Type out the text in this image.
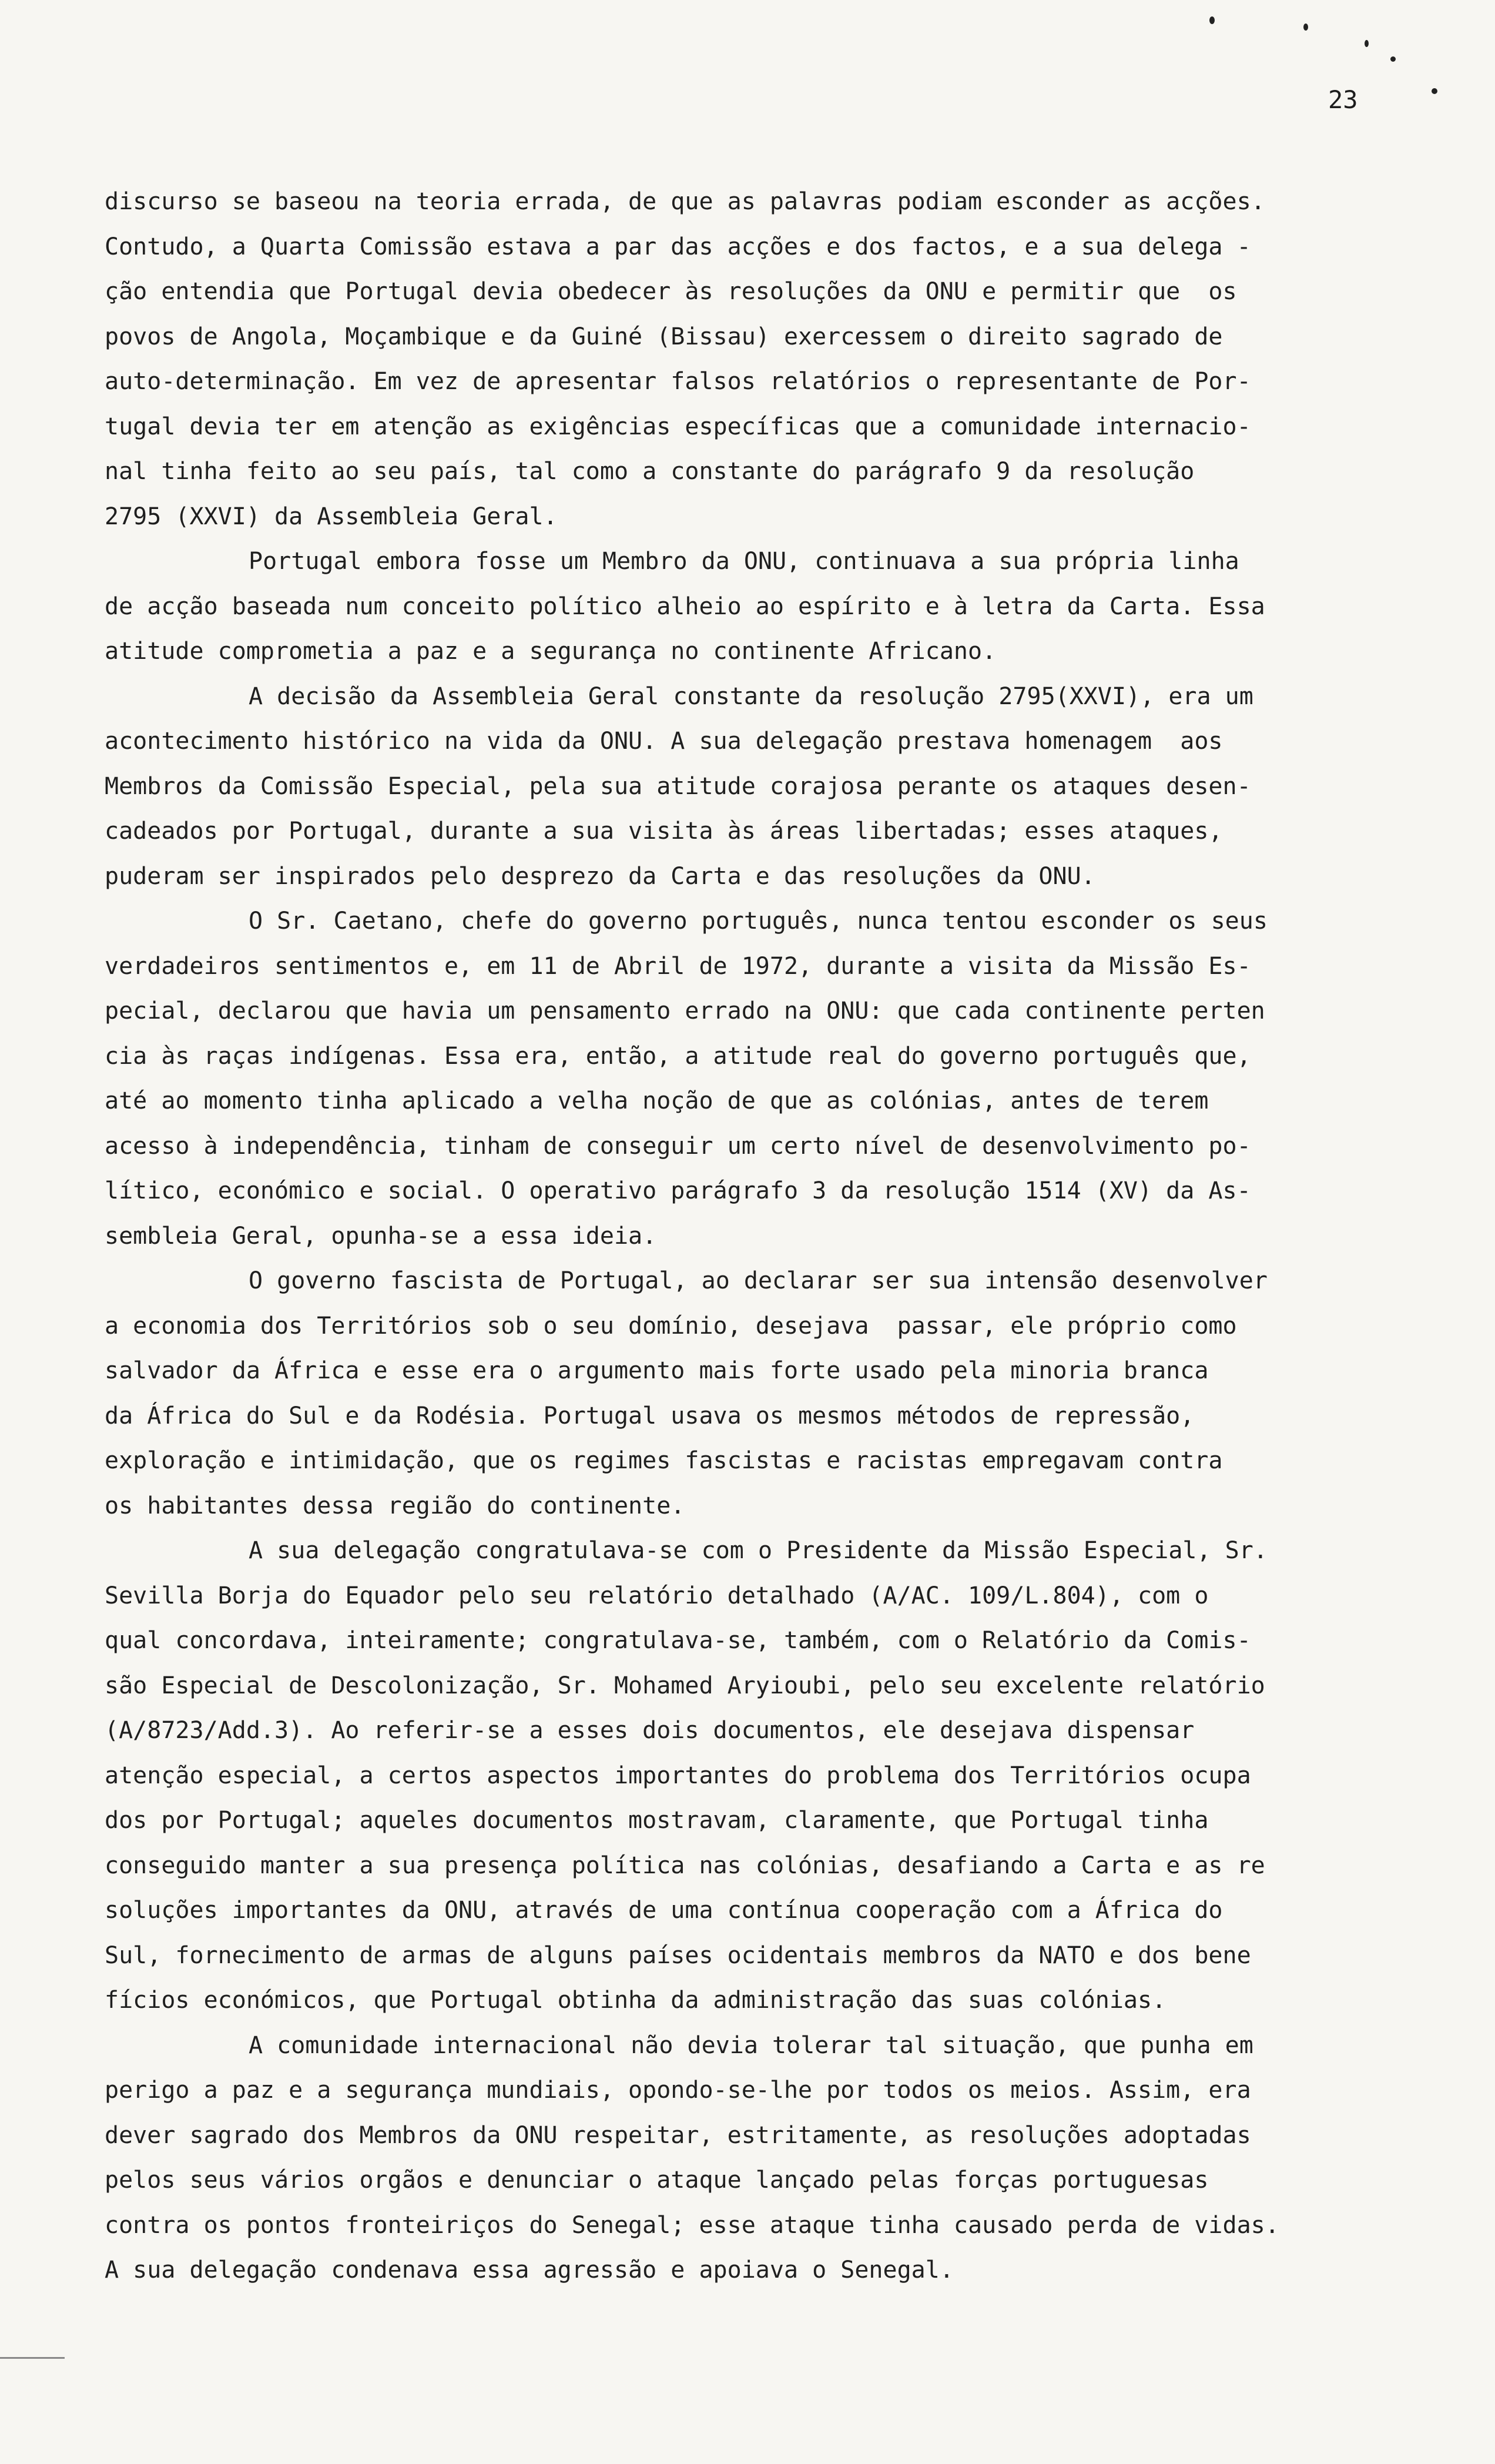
23
discurso se baseou na teoria errada, de que as palavras podiam esconder as acções.
Contudo, a Quarta Comissão estava a par das acções e dos factos, e a sua delega -
ção entendia que Portugal devia obedecer às resoluções da ONU e permitir que  os
povos de Angola, Moçambique e da Guiné (Bissau) exercessem o direito sagrado de
auto-determinação. Em vez de apresentar falsos relatórios o representante de Por-
tugal devia ter em atenção as exigências específicas que a comunidade internacio-
nal tinha feito ao seu país, tal como a constante do parágrafo 9 da resolução
2795 (XXVI) da Assembleia Geral.
Portugal embora fosse um Membro da ONU, continuava a sua própria linha
de acção baseada num conceito político alheio ao espírito e à letra da Carta. Essa
atitude comprometia a paz e a segurança no continente Africano.
A decisão da Assembleia Geral constante da resolução 2795(XXVI), era um
acontecimento histórico na vida da ONU. A sua delegação prestava homenagem  aos
Membros da Comissão Especial, pela sua atitude corajosa perante os ataques desen-
cadeados por Portugal, durante a sua visita às áreas libertadas; esses ataques,
puderam ser inspirados pelo desprezo da Carta e das resoluções da ONU.
O Sr. Caetano, chefe do governo português, nunca tentou esconder os seus
verdadeiros sentimentos e, em 11 de Abril de 1972, durante a visita da Missão Es-
pecial, declarou que havia um pensamento errado na ONU: que cada continente perten
cia às raças indígenas. Essa era, então, a atitude real do governo português que,
até ao momento tinha aplicado a velha noção de que as colónias, antes de terem
acesso à independência, tinham de conseguir um certo nível de desenvolvimento po-
lítico, económico e social. O operativo parágrafo 3 da resolução 1514 (XV) da As-
sembleia Geral, opunha-se a essa ideia.
O governo fascista de Portugal, ao declarar ser sua intensão desenvolver
a economia dos Territórios sob o seu domínio, desejava  passar, ele próprio como
salvador da África e esse era o argumento mais forte usado pela minoria branca
da África do Sul e da Rodésia. Portugal usava os mesmos métodos de repressão,
exploração e intimidação, que os regimes fascistas e racistas empregavam contra
os habitantes dessa região do continente.
A sua delegação congratulava-se com o Presidente da Missão Especial, Sr.
Sevilla Borja do Equador pelo seu relatório detalhado (A/AC. 109/L.804), com o
qual concordava, inteiramente; congratulava-se, também, com o Relatório da Comis-
são Especial de Descolonização, Sr. Mohamed Aryioubi, pelo seu excelente relatório
(A/8723/Add.3). Ao referir-se a esses dois documentos, ele desejava dispensar
atenção especial, a certos aspectos importantes do problema dos Territórios ocupa
dos por Portugal; aqueles documentos mostravam, claramente, que Portugal tinha
conseguido manter a sua presença política nas colónias, desafiando a Carta e as re
soluções importantes da ONU, através de uma contínua cooperação com a África do
Sul, fornecimento de armas de alguns países ocidentais membros da NATO e dos bene
fícios económicos, que Portugal obtinha da administração das suas colónias.
A comunidade internacional não devia tolerar tal situação, que punha em
perigo a paz e a segurança mundiais, opondo-se-lhe por todos os meios. Assim, era
dever sagrado dos Membros da ONU respeitar, estritamente, as resoluções adoptadas
pelos seus vários orgãos e denunciar o ataque lançado pelas forças portuguesas
contra os pontos fronteiriços do Senegal; esse ataque tinha causado perda de vidas.
A sua delegação condenava essa agressão e apoiava o Senegal.
